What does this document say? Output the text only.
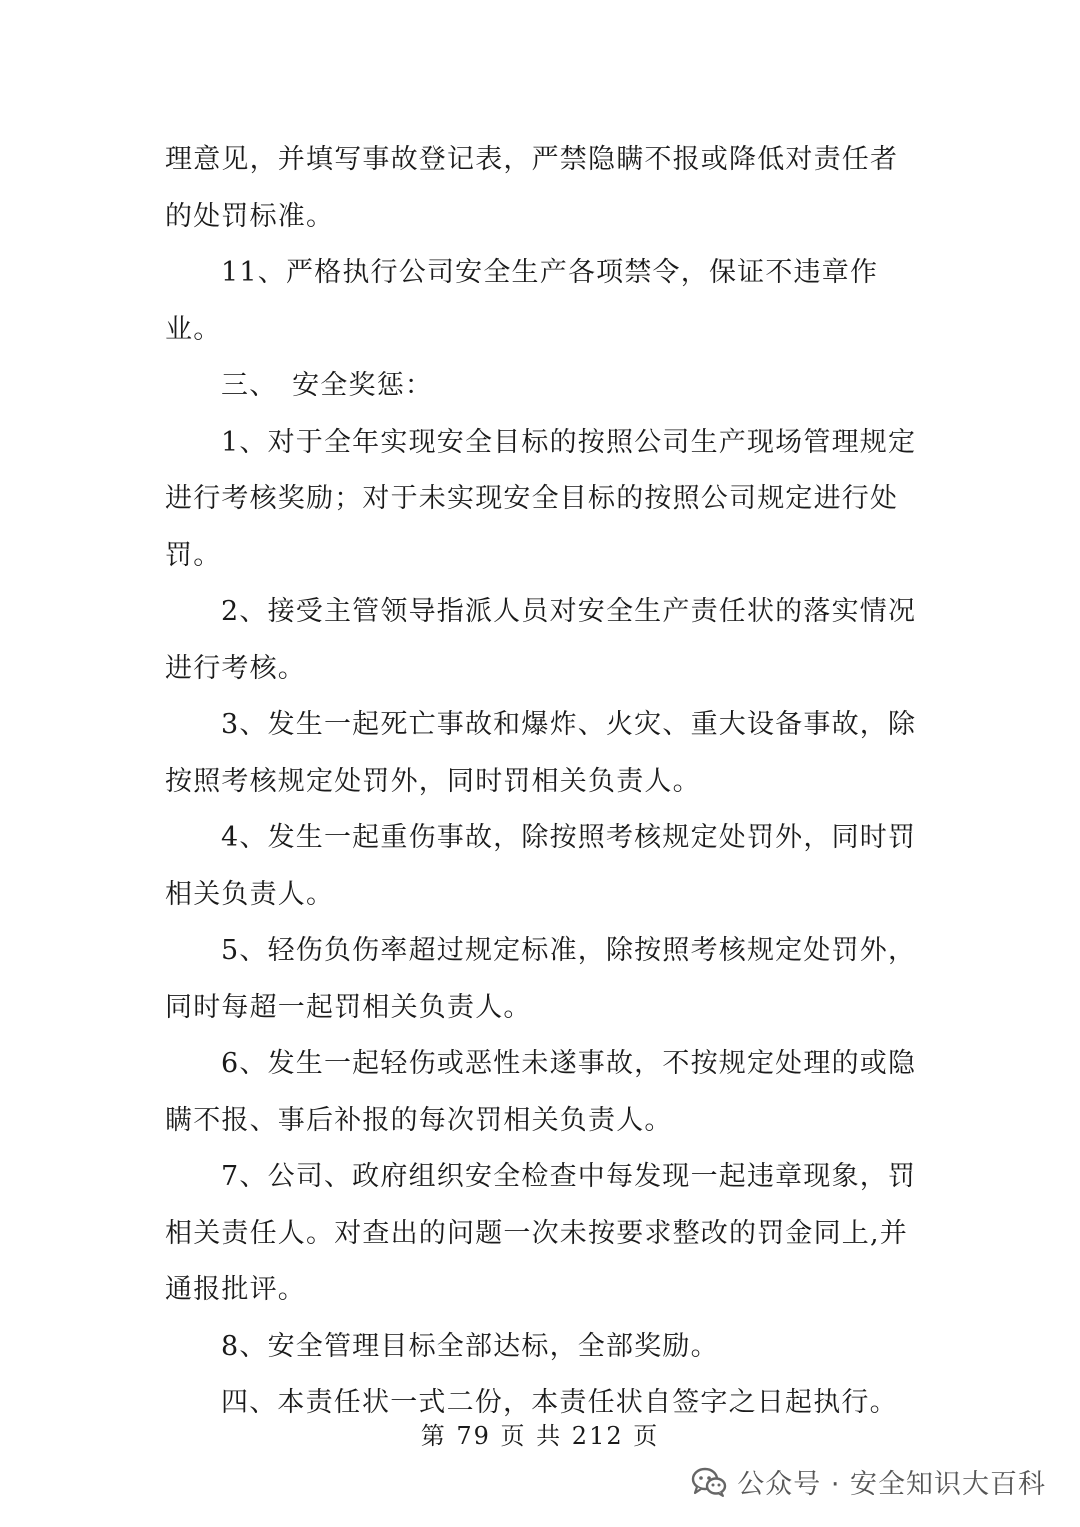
理意见，并填写事故登记表，严禁隐瞒不报或降低对责任者的处罚标准。

11、严格执行公司安全生产各项禁令，保证不违章作业。

三、　安全奖惩：

1、对于全年实现安全目标的按照公司生产现场管理规定进行考核奖励；对于未实现安全目标的按照公司规定进行处罚。

2、接受主管领导指派人员对安全生产责任状的落实情况进行考核。

3、发生一起死亡事故和爆炸、火灾、重大设备事故，除按照考核规定处罚外，同时罚相关负责人。

4、发生一起重伤事故，除按照考核规定处罚外，同时罚相关负责人。

5、轻伤负伤率超过规定标准，除按照考核规定处罚外，同时每超一起罚相关负责人。

6、发生一起轻伤或恶性未遂事故，不按规定处理的或隐瞒不报、事后补报的每次罚相关负责人。

7、公司、政府组织安全检查中每发现一起违章现象，罚相关责任人。对查出的问题一次未按要求整改的罚金同上,并通报批评。

8、安全管理目标全部达标，全部奖励。

四、本责任状一式二份，本责任状自签字之日起执行。

第 79 页 共 212 页
公众号 · 安全知识大百科
